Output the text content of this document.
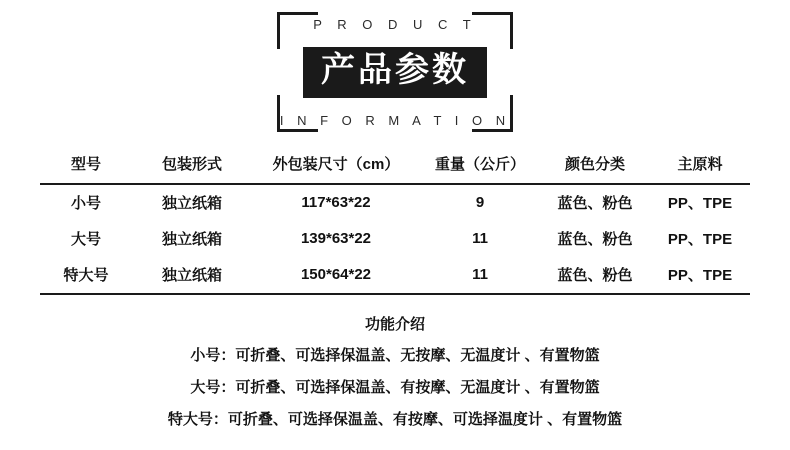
P R O D U C T
产品参数
I N F O R M A T I O N
型号	包装形式	外包装尺寸（cm）	重量（公斤）	颜色分类	主原料
小号	独立纸箱	117*63*22	9	蓝色、粉色	PP、TPE
大号	独立纸箱	139*63*22	11	蓝色、粉色	PP、TPE
特大号	独立纸箱	150*64*22	11	蓝色、粉色	PP、TPE
功能介绍
小号： 可折叠、可选择保温盖、无按摩、无温度计 、有置物篮
大号： 可折叠、可选择保温盖、有按摩、无温度计 、有置物篮
特大号： 可折叠、可选择保温盖、有按摩、可选择温度计 、有置物篮
